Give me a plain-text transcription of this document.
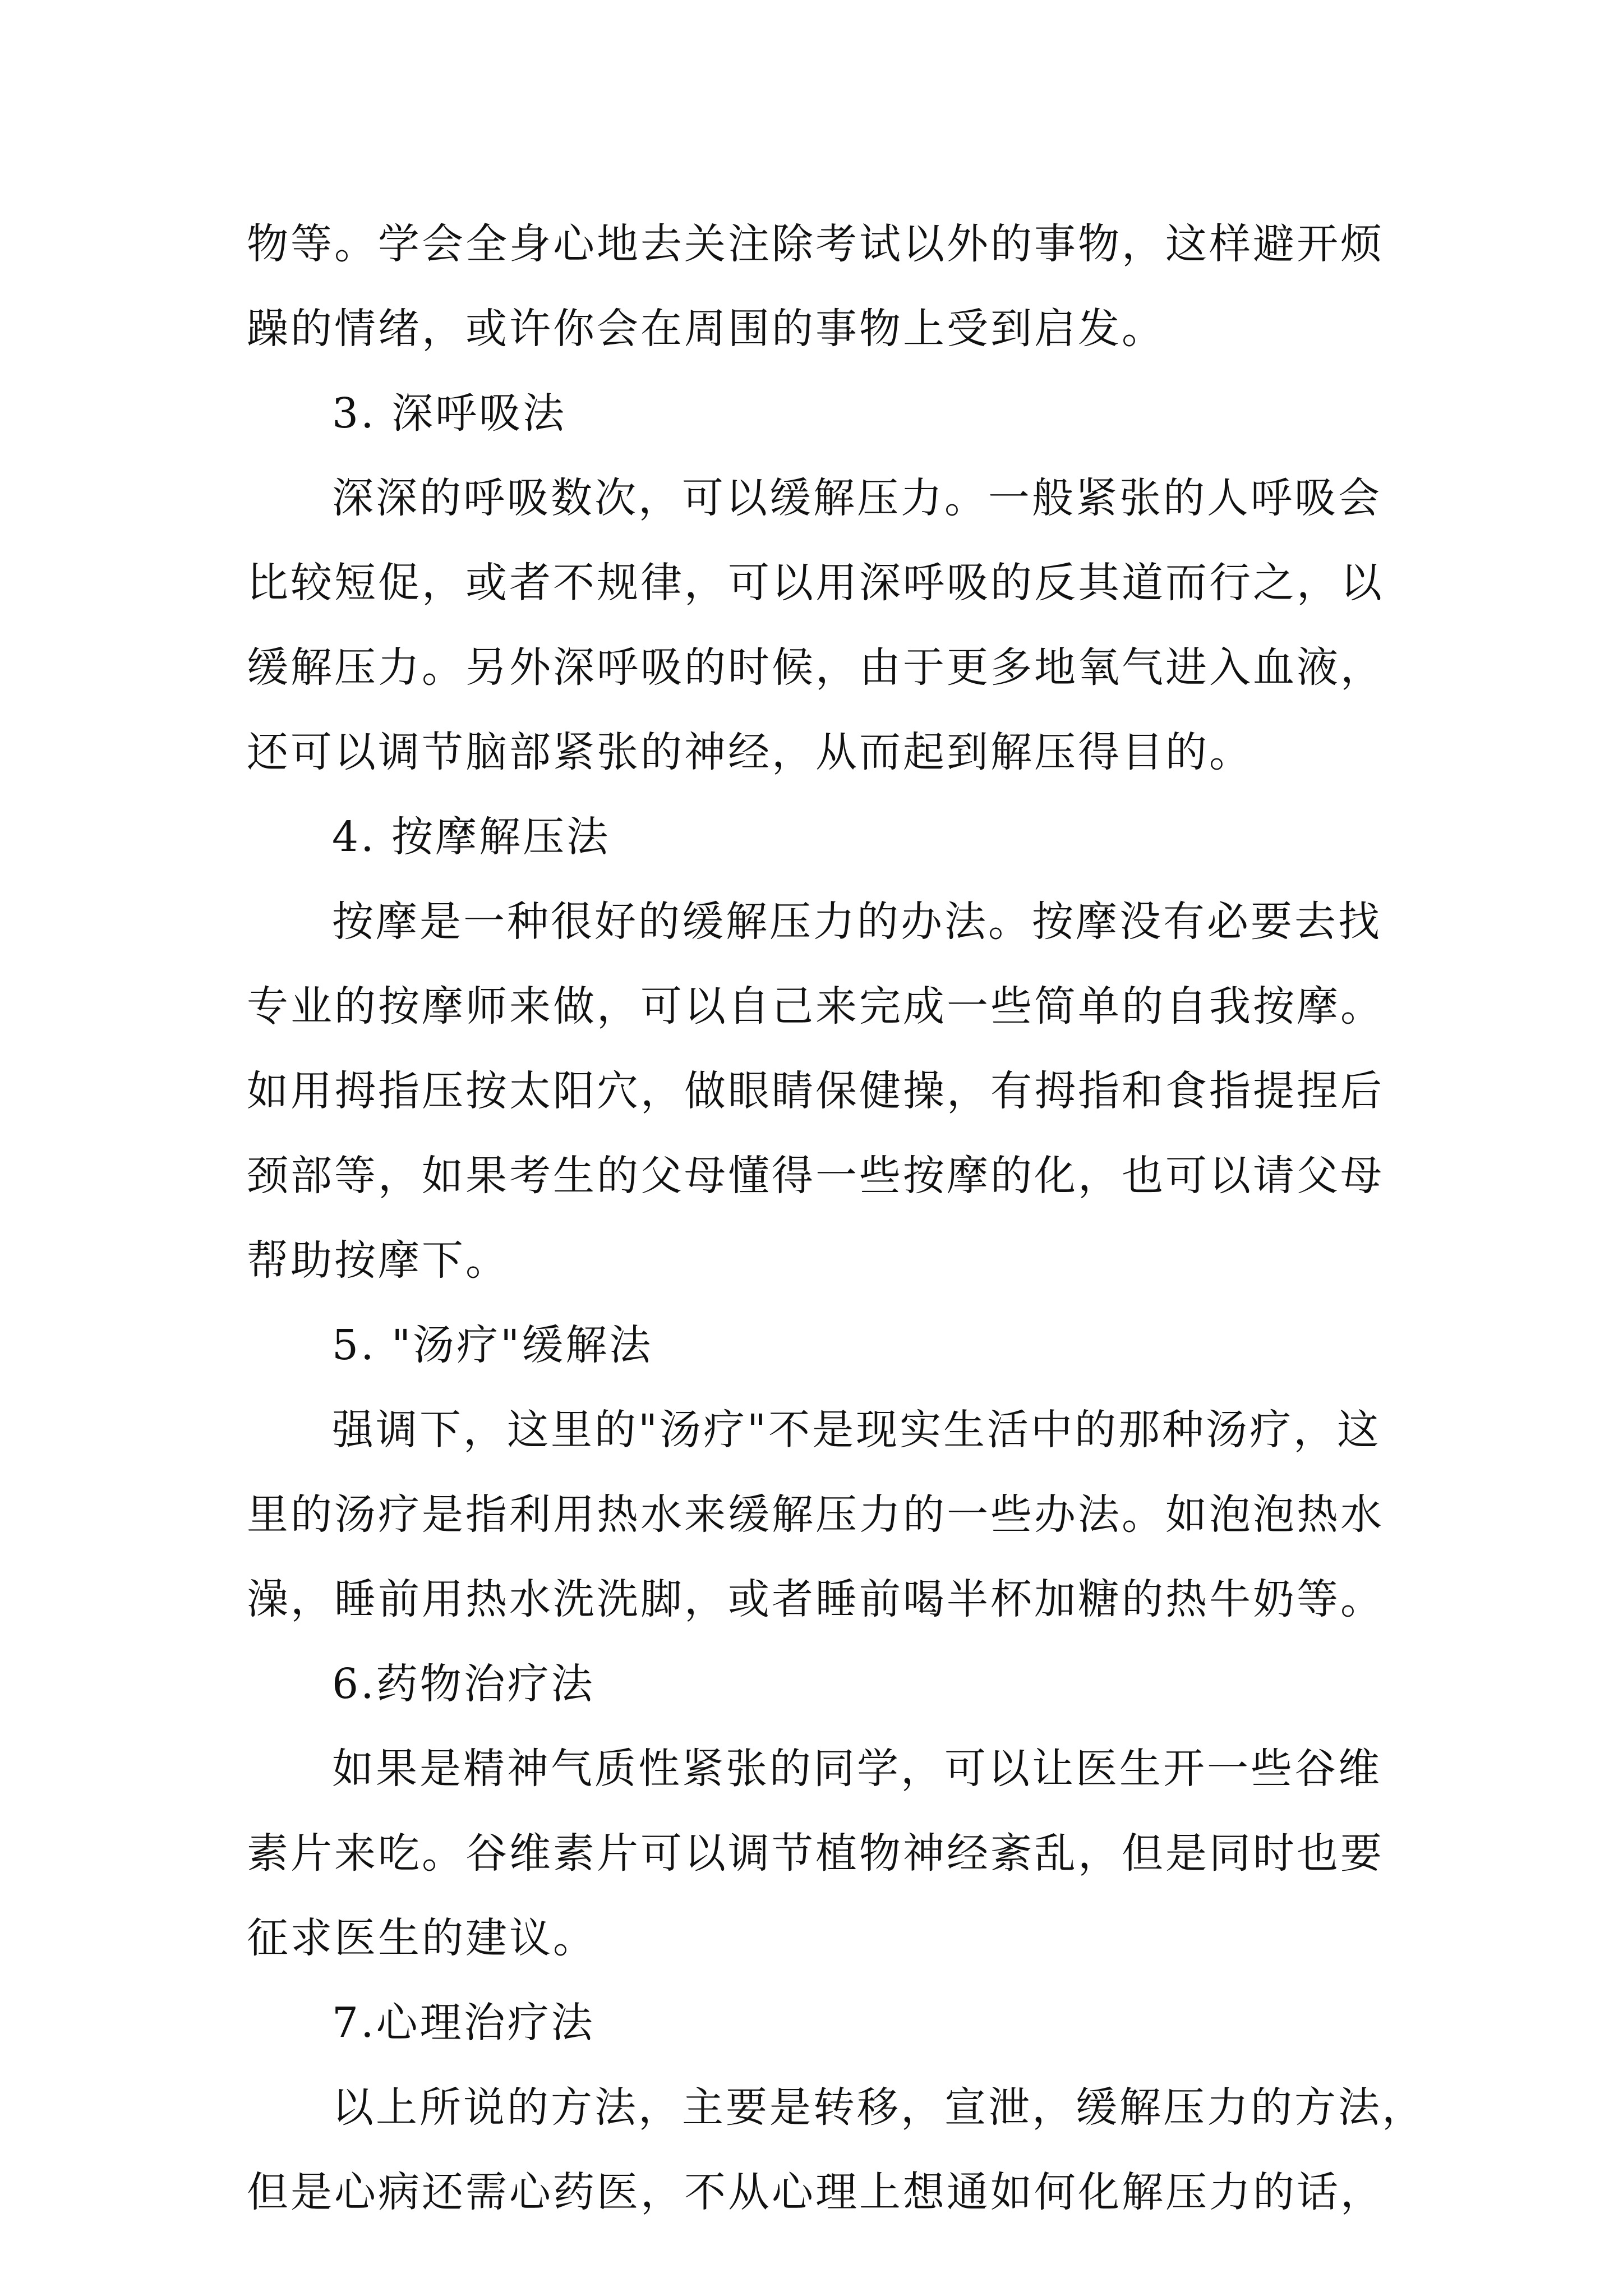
物等。学会全身心地去关注除考试以外的事物，这样避开烦
躁的情绪，或许你会在周围的事物上受到启发。
3. 深呼吸法
深深的呼吸数次，可以缓解压力。一般紧张的人呼吸会
比较短促，或者不规律，可以用深呼吸的反其道而行之，以
缓解压力。另外深呼吸的时候，由于更多地氧气进入血液，
还可以调节脑部紧张的神经，从而起到解压得目的。
4. 按摩解压法
按摩是一种很好的缓解压力的办法。按摩没有必要去找
专业的按摩师来做，可以自己来完成一些简单的自我按摩。
如用拇指压按太阳穴，做眼睛保健操，有拇指和食指提捏后
颈部等，如果考生的父母懂得一些按摩的化，也可以请父母
帮助按摩下。
5. "汤疗"缓解法
强调下，这里的"汤疗"不是现实生活中的那种汤疗，这
里的汤疗是指利用热水来缓解压力的一些办法。如泡泡热水
澡，睡前用热水洗洗脚，或者睡前喝半杯加糖的热牛奶等。
6.药物治疗法
如果是精神气质性紧张的同学，可以让医生开一些谷维
素片来吃。谷维素片可以调节植物神经紊乱，但是同时也要
征求医生的建议。
7.心理治疗法
以上所说的方法，主要是转移，宣泄，缓解压力的方法，
但是心病还需心药医，不从心理上想通如何化解压力的话，
